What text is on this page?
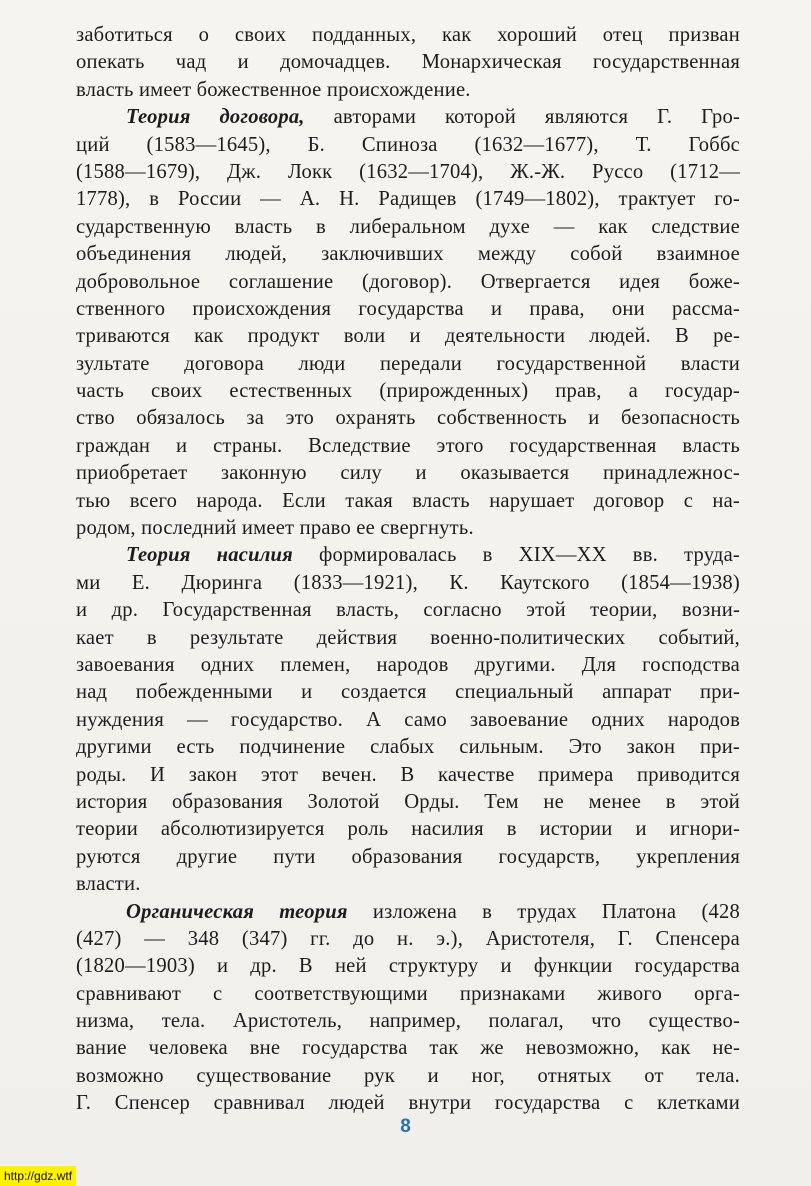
заботиться о своих подданных, как хороший отец призван
опекать чад и домочадцев. Монархическая государственная
власть имеет божественное происхождение.
Теория договора, авторами которой являются Г. Гро-
ций (1583—1645), Б. Спиноза (1632—1677), Т. Гоббс
(1588—1679), Дж. Локк (1632—1704), Ж.-Ж. Руссо (1712—
1778), в России — А. Н. Радищев (1749—1802), трактует го-
сударственную власть в либеральном духе — как следствие
объединения людей, заключивших между собой взаимное
добровольное соглашение (договор). Отвергается идея боже-
ственного происхождения государства и права, они рассма-
триваются как продукт воли и деятельности людей. В ре-
зультате договора люди передали государственной власти
часть своих естественных (прирожденных) прав, а государ-
ство обязалось за это охранять собственность и безопасность
граждан и страны. Вследствие этого государственная власть
приобретает законную силу и оказывается принадлежнос-
тью всего народа. Если такая власть нарушает договор с на-
родом, последний имеет право ее свергнуть.
Теория насилия формировалась в XIX—XX вв. труда-
ми Е. Дюринга (1833—1921), К. Каутского (1854—1938)
и др. Государственная власть, согласно этой теории, возни-
кает в результате действия военно-политических событий,
завоевания одних племен, народов другими. Для господства
над побежденными и создается специальный аппарат при-
нуждения — государство. А само завоевание одних народов
другими есть подчинение слабых сильным. Это закон при-
роды. И закон этот вечен. В качестве примера приводится
история образования Золотой Орды. Тем не менее в этой
теории абсолютизируется роль насилия в истории и игнори-
руются другие пути образования государств, укрепления
власти.
Органическая теория изложена в трудах Платона (428
(427) — 348 (347) гг. до н. э.), Аристотеля, Г. Спенсера
(1820—1903) и др. В ней структуру и функции государства
сравнивают с соответствующими признаками живого орга-
низма, тела. Аристотель, например, полагал, что существо-
вание человека вне государства так же невозможно, как не-
возможно существование рук и ног, отнятых от тела.
Г. Спенсер сравнивал людей внутри государства с клетками
8
http://gdz.wtf
